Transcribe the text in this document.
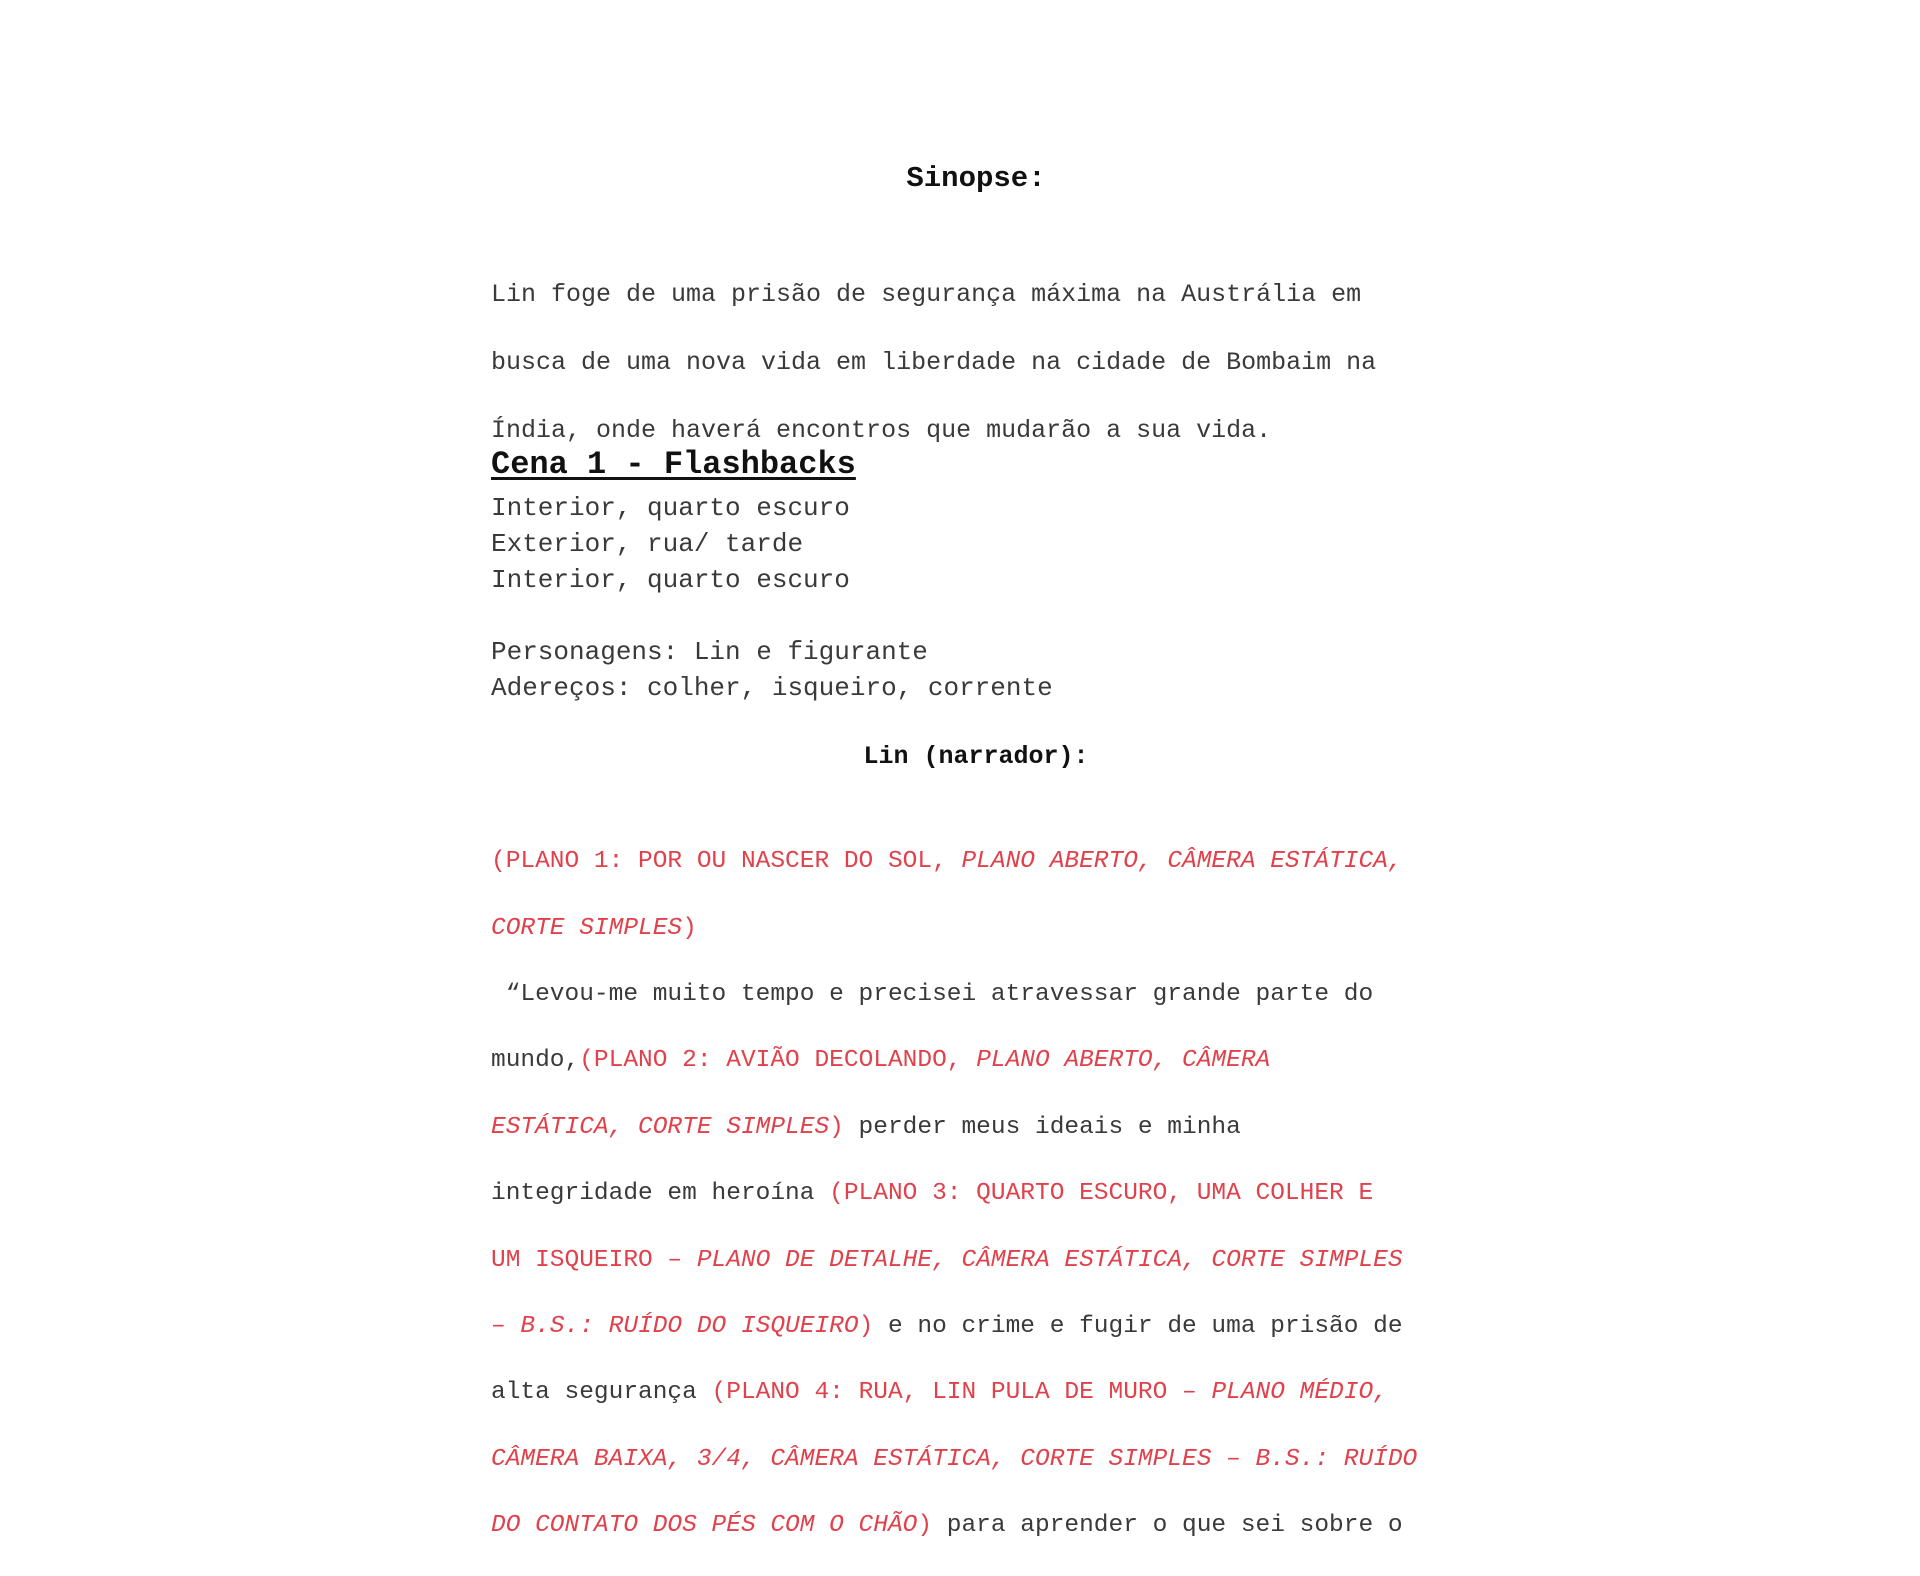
Sinopse:

Lin foge de uma prisão de segurança máxima na Austrália em

busca de uma nova vida em liberdade na cidade de Bombaim na

Índia, onde haverá encontros que mudarão a sua vida.

Cena 1 - Flashbacks
Interior, quarto escuro
Exterior, rua/ tarde
Interior, quarto escuro
Personagens: Lin e figurante
Adereços: colher, isqueiro, corrente
Lin (narrador):

(PLANO 1: POR OU NASCER DO SOL, PLANO ABERTO, CÂMERA ESTÁTICA,

CORTE SIMPLES)

“Levou-me muito tempo e precisei atravessar grande parte do

mundo,(PLANO 2: AVIÃO DECOLANDO, PLANO ABERTO, CÂMERA

ESTÁTICA, CORTE SIMPLES) perder meus ideais e minha

integridade em heroína (PLANO 3: QUARTO ESCURO, UMA COLHER E

UM ISQUEIRO – PLANO DE DETALHE, CÂMERA ESTÁTICA, CORTE SIMPLES

– B.S.: RUÍDO DO ISQUEIRO) e no crime e fugir de uma prisão de

alta segurança (PLANO 4: RUA, LIN PULA DE MURO – PLANO MÉDIO,

CÂMERA BAIXA, 3/4, CÂMERA ESTÁTICA, CORTE SIMPLES – B.S.: RUÍDO

DO CONTATO DOS PÉS COM O CHÃO) para aprender o que sei sobre o
